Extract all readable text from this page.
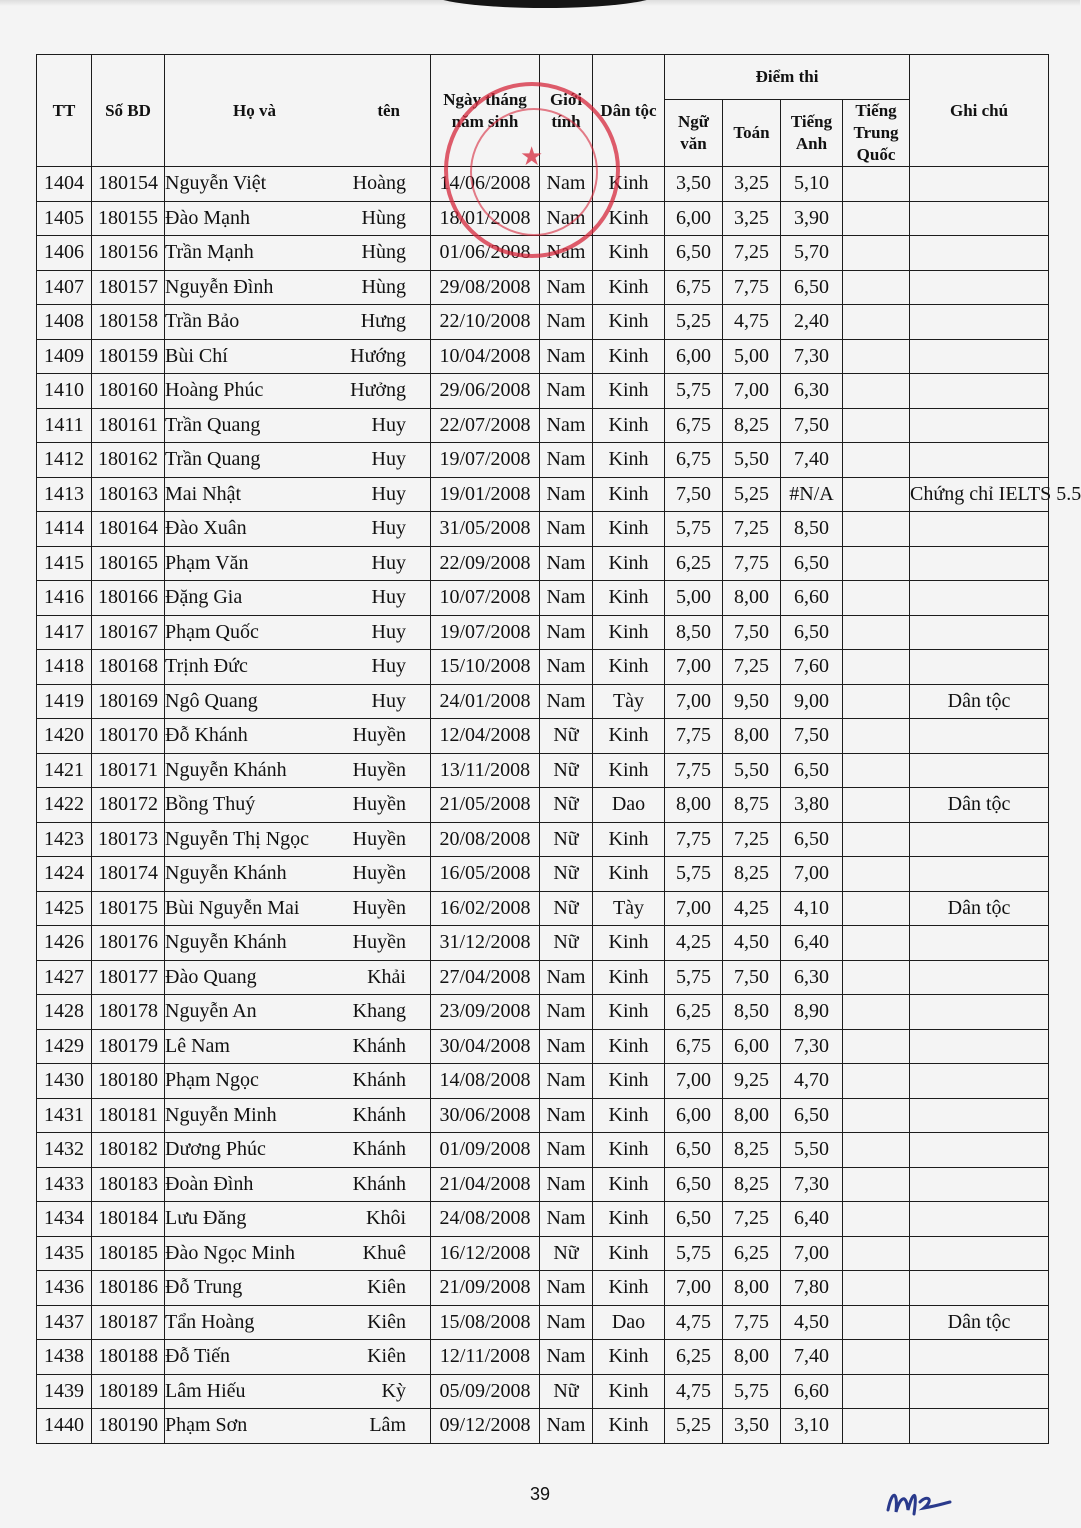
TT	Số BD	Họ và tên	Ngày tháng năm sinh	Giới tính	Dân tộc	Điểm thi				Ghi chú
						Ngữ văn	Toán	Tiếng Anh	Tiếng Trung Quốc	
1404	180154	Nguyễn Việt Hoàng	14/06/2008	Nam	Kinh	3,50	3,25	5,10		
1405	180155	Đào Mạnh Hùng	18/01/2008	Nam	Kinh	6,00	3,25	3,90		
1406	180156	Trần Mạnh Hùng	01/06/2008	Nam	Kinh	6,50	7,25	5,70		
1407	180157	Nguyễn Đình Hùng	29/08/2008	Nam	Kinh	6,75	7,75	6,50		
1408	180158	Trần Bảo Hưng	22/10/2008	Nam	Kinh	5,25	4,75	2,40		
1409	180159	Bùi Chí Hướng	10/04/2008	Nam	Kinh	6,00	5,00	7,30		
1410	180160	Hoàng Phúc Hưởng	29/06/2008	Nam	Kinh	5,75	7,00	6,30		
1411	180161	Trần Quang Huy	22/07/2008	Nam	Kinh	6,75	8,25	7,50		
1412	180162	Trần Quang Huy	19/07/2008	Nam	Kinh	6,75	5,50	7,40		
1413	180163	Mai Nhật Huy	19/01/2008	Nam	Kinh	7,50	5,25	#N/A		Chứng chỉ IELTS 5.5
1414	180164	Đào Xuân Huy	31/05/2008	Nam	Kinh	5,75	7,25	8,50		
1415	180165	Phạm Văn Huy	22/09/2008	Nam	Kinh	6,25	7,75	6,50		
1416	180166	Đặng Gia Huy	10/07/2008	Nam	Kinh	5,00	8,00	6,60		
1417	180167	Phạm Quốc Huy	19/07/2008	Nam	Kinh	8,50	7,50	6,50		
1418	180168	Trịnh Đức Huy	15/10/2008	Nam	Kinh	7,00	7,25	7,60		
1419	180169	Ngô Quang Huy	24/01/2008	Nam	Tày	7,00	9,50	9,00		Dân tộc
1420	180170	Đỗ Khánh Huyền	12/04/2008	Nữ	Kinh	7,75	8,00	7,50		
1421	180171	Nguyễn Khánh Huyền	13/11/2008	Nữ	Kinh	7,75	5,50	6,50		
1422	180172	Bồng Thuý Huyền	21/05/2008	Nữ	Dao	8,00	8,75	3,80		Dân tộc
1423	180173	Nguyễn Thị Ngọc Huyền	20/08/2008	Nữ	Kinh	7,75	7,25	6,50		
1424	180174	Nguyễn Khánh Huyền	16/05/2008	Nữ	Kinh	5,75	8,25	7,00		
1425	180175	Bùi Nguyễn Mai Huyền	16/02/2008	Nữ	Tày	7,00	4,25	4,10		Dân tộc
1426	180176	Nguyễn Khánh Huyền	31/12/2008	Nữ	Kinh	4,25	4,50	6,40		
1427	180177	Đào Quang Khải	27/04/2008	Nam	Kinh	5,75	7,50	6,30		
1428	180178	Nguyễn An Khang	23/09/2008	Nam	Kinh	6,25	8,50	8,90		
1429	180179	Lê Nam Khánh	30/04/2008	Nam	Kinh	6,75	6,00	7,30		
1430	180180	Phạm Ngọc Khánh	14/08/2008	Nam	Kinh	7,00	9,25	4,70		
1431	180181	Nguyễn Minh Khánh	30/06/2008	Nam	Kinh	6,00	8,00	6,50		
1432	180182	Dương Phúc Khánh	01/09/2008	Nam	Kinh	6,50	8,25	5,50		
1433	180183	Đoàn Đình Khánh	21/04/2008	Nam	Kinh	6,50	8,25	7,30		
1434	180184	Lưu Đăng Khôi	24/08/2008	Nam	Kinh	6,50	7,25	6,40		
1435	180185	Đào Ngọc Minh Khuê	16/12/2008	Nữ	Kinh	5,75	6,25	7,00		
1436	180186	Đỗ Trung Kiên	21/09/2008	Nam	Kinh	7,00	8,00	7,80		
1437	180187	Tẩn Hoàng Kiên	15/08/2008	Nam	Dao	4,75	7,75	4,50		Dân tộc
1438	180188	Đỗ Tiến Kiên	12/11/2008	Nam	Kinh	6,25	8,00	7,40		
1439	180189	Lâm Hiếu Kỳ	05/09/2008	Nữ	Kinh	4,75	5,75	6,60		
1440	180190	Phạm Sơn Lâm	09/12/2008	Nam	Kinh	5,25	3,50	3,10		
★
39
